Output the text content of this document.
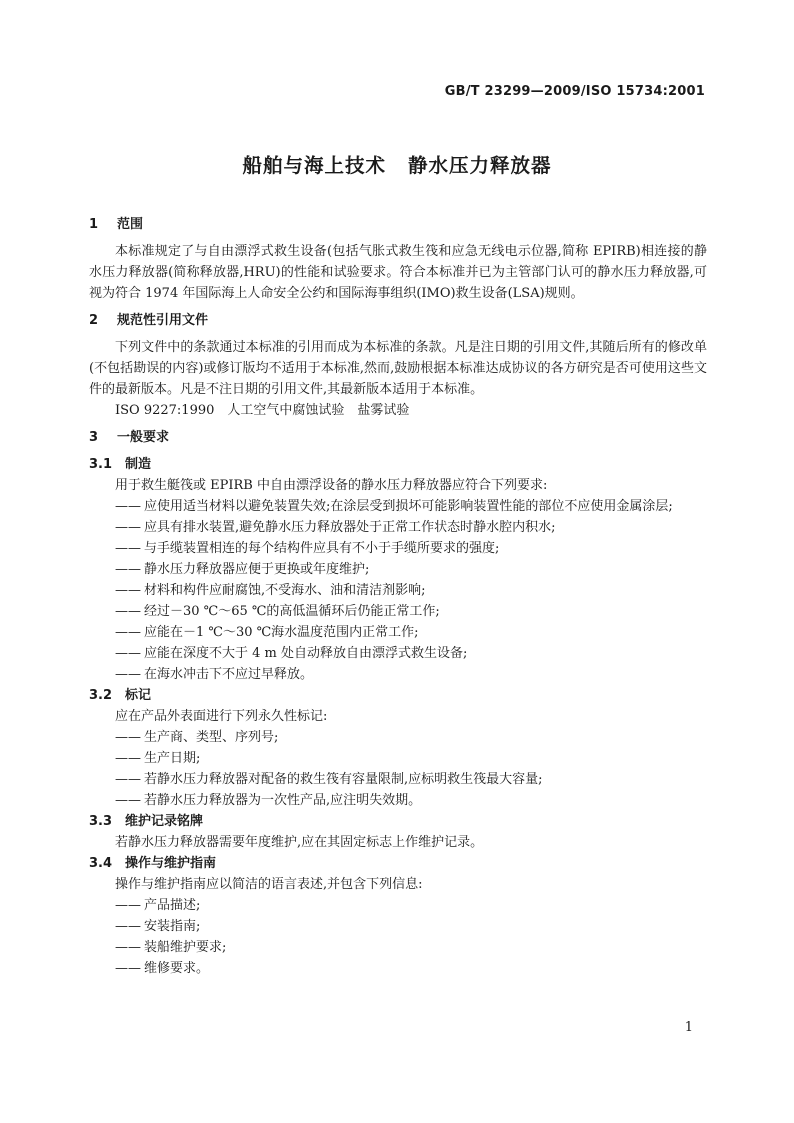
GB/T 23299—2009/ISO 15734:2001
船舶与海上技术 静水压力释放器

1 范围

本标准规定了与自由漂浮式救生设备(包括气胀式救生筏和应急无线电示位器,简称 EPIRB)相连接的静水压力释放器(简称释放器,HRU)的性能和试验要求。符合本标准并已为主管部门认可的静水压力释放器,可视为符合 1974 年国际海上人命安全公约和国际海事组织(IMO)救生设备(LSA)规则。

2 规范性引用文件

下列文件中的条款通过本标准的引用而成为本标准的条款。凡是注日期的引用文件,其随后所有的修改单(不包括勘误的内容)或修订版均不适用于本标准,然而,鼓励根据本标准达成协议的各方研究是否可使用这些文件的最新版本。凡是不注日期的引用文件,其最新版本适用于本标准。

ISO 9227:1990　人工空气中腐蚀试验　盐雾试验

3 一般要求

3.1 制造

用于救生艇筏或 EPIRB 中自由漂浮设备的静水压力释放器应符合下列要求:

—— 应使用适当材料以避免装置失效;在涂层受到损坏可能影响装置性能的部位不应使用金属涂层;

—— 应具有排水装置,避免静水压力释放器处于正常工作状态时静水腔内积水;

—— 与手缆装置相连的每个结构件应具有不小于手缆所要求的强度;

—— 静水压力释放器应便于更换或年度维护;

—— 材料和构件应耐腐蚀,不受海水、油和清洁剂影响;

—— 经过－30 ℃～65 ℃的高低温循环后仍能正常工作;

—— 应能在－1 ℃～30 ℃海水温度范围内正常工作;

—— 应能在深度不大于 4 m 处自动释放自由漂浮式救生设备;

—— 在海水冲击下不应过早释放。

3.2 标记

应在产品外表面进行下列永久性标记:

—— 生产商、类型、序列号;

—— 生产日期;

—— 若静水压力释放器对配备的救生筏有容量限制,应标明救生筏最大容量;

—— 若静水压力释放器为一次性产品,应注明失效期。

3.3 维护记录铭牌

若静水压力释放器需要年度维护,应在其固定标志上作维护记录。

3.4 操作与维护指南

操作与维护指南应以简洁的语言表述,并包含下列信息:

—— 产品描述;

—— 安装指南;

—— 装船维护要求;

—— 维修要求。

1
